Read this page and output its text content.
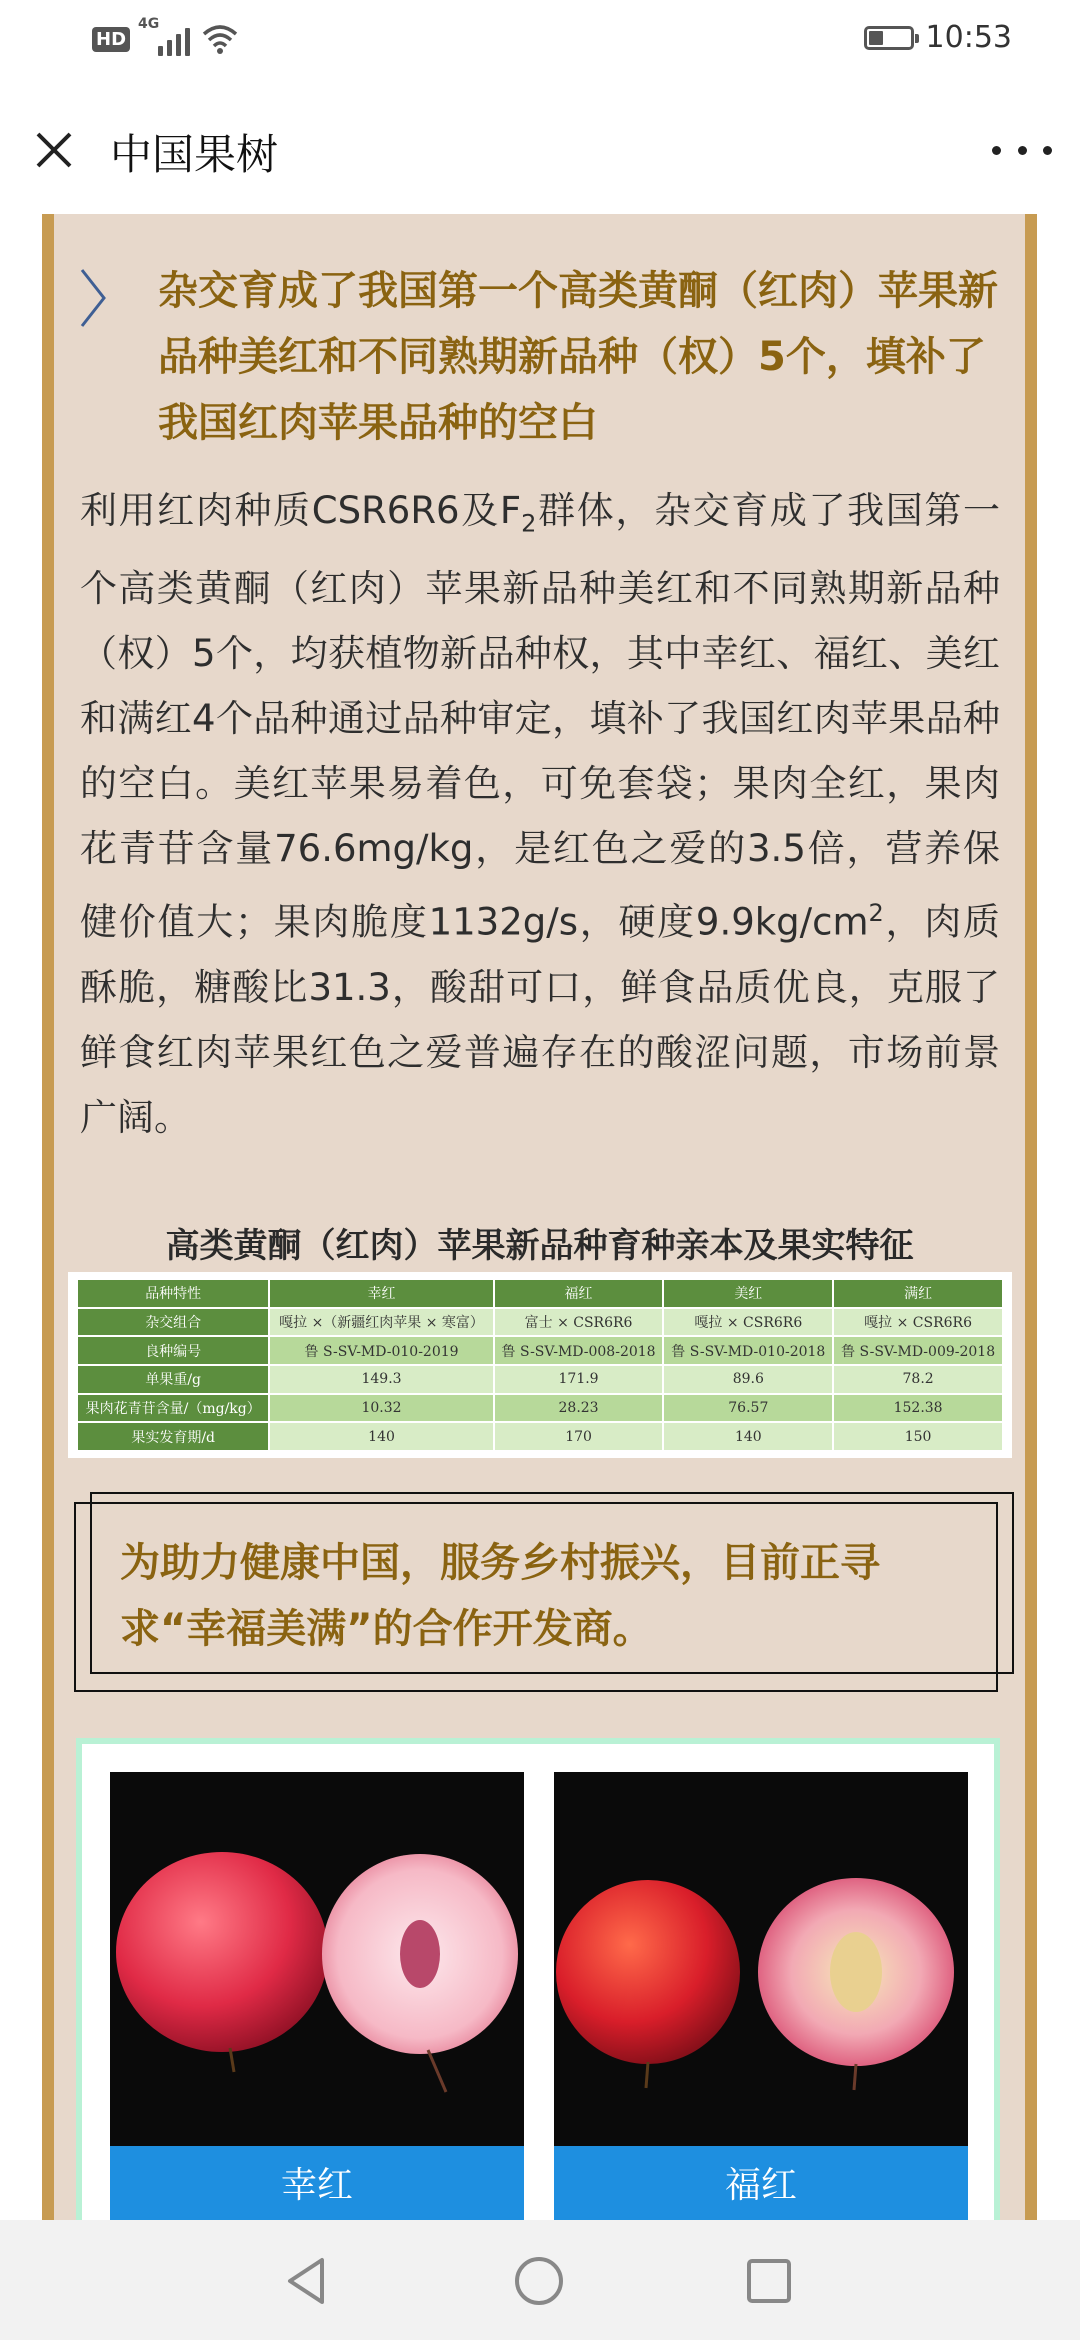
HD
4G	10:53
中国果树
杂交育成了我国第一个高类黄酮（红肉）苹果新品种美红和不同熟期新品种（权）5个，填补了我国红肉苹果品种的空白

利用红肉种质CSR6R6及$F_2$群体，杂交育成了我国第一个高类黄酮（红肉）苹果新品种美红和不同熟期新品种（权）5个，均获植物新品种权，其中幸红、福红、美红和满红4个品种通过品种审定，填补了我国红肉苹果品种的空白。美红苹果易着色，可免套袋；果肉全红，果肉花青苷含量76.6mg/kg，是红色之爱的3.5倍，营养保健价值大；果肉脆度1132g/s，硬度$9.9kg/cm^2$，肉质酥脆，糖酸比31.3，酸甜可口，鲜食品质优良，克服了鲜食红肉苹果红色之爱普遍存在的酸涩问题，市场前景广阔。

高类黄酮（红肉）苹果新品种育种亲本及果实特征
品种特性	幸红	福红	美红	满红
杂交组合	嘎拉 ×（新疆红肉苹果 × 寒富）	富士 × CSR6R6	嘎拉 × CSR6R6	嘎拉 × CSR6R6
良种编号	鲁 S-SV-MD-010-2019	鲁 S-SV-MD-008-2018	鲁 S-SV-MD-010-2018	鲁 S-SV-MD-009-2018
单果重/g	149.3	171.9	89.6	78.2
果肉花青苷含量/（mg/kg）	10.32	28.23	76.57	152.38
果实发育期/d	140	170	140	150

为助力健康中国，服务乡村振兴，目前正寻求“幸福美满”的合作开发商。

幸红	福红
